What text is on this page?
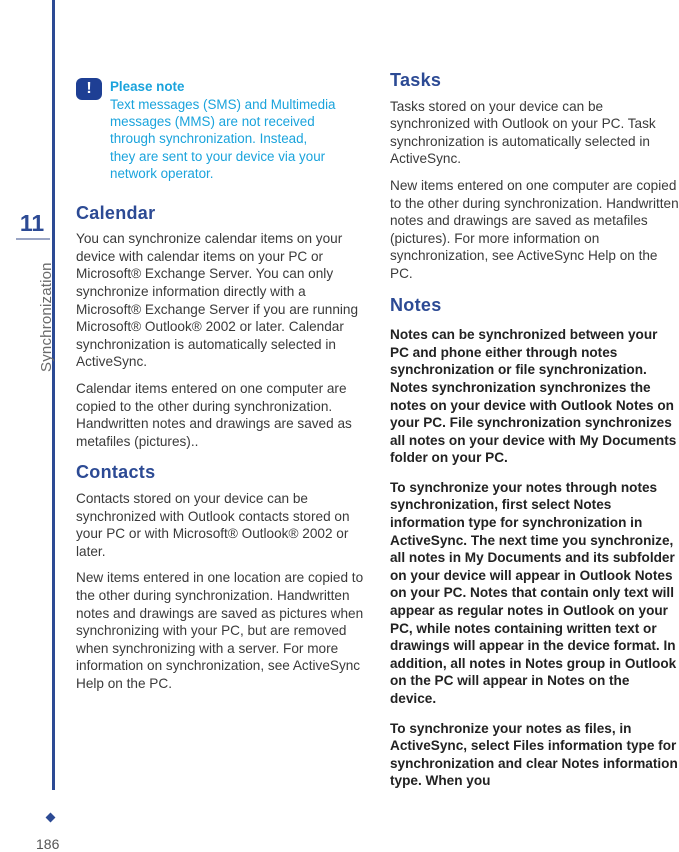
11
Synchronization
186
!	Please note
Text messages (SMS) and Multimedia
messages (MMS) are not received
through synchronization. Instead,
they are sent to your device via your
network operator.
Calendar

You can synchronize calendar items on your device with calendar items on your PC or Microsoft® Exchange Server. You can only synchronize information directly with a Microsoft® Exchange Server if you are running Microsoft® Outlook® 2002 or later. Calendar synchronization is automatically selected in ActiveSync.

Calendar items entered on one computer are copied to the other during synchronization. Handwritten notes and drawings are saved as metafiles (pictures)..

Contacts

Contacts stored on your device can be synchronized with Outlook contacts stored on your PC or with Microsoft® Outlook® 2002 or later.

New items entered in one location are copied to the other during synchronization. Handwritten notes and drawings are saved as pictures when synchronizing with your PC, but are removed when synchronizing with a server. For more information on synchronization, see ActiveSync Help on the PC.

Tasks

Tasks stored on your device can be synchronized with Outlook on your PC. Task synchronization is automatically selected in ActiveSync.

New items entered on one computer are copied to the other during synchronization. Handwritten notes and drawings are saved as metafiles (pictures). For more information on synchronization, see ActiveSync Help on the PC.

Notes

Notes can be synchronized between your PC and phone either through notes synchronization or file synchronization. Notes synchronization synchronizes the notes on your device with Outlook Notes on your PC. File synchronization synchronizes all notes on your device with My Documents folder on your PC.

To synchronize your notes through notes synchronization, first select Notes information type for synchronization in ActiveSync. The next time you synchronize, all notes in My Documents and its subfolder on your device will appear in Outlook Notes on your PC. Notes that contain only text will appear as regular notes in Outlook on your PC, while notes containing written text or drawings will appear in the device format. In addition, all notes in Notes group in Outlook on the PC will appear in Notes on the device.

To synchronize your notes as files, in ActiveSync, select Files information type for synchronization and clear Notes information type. When you
